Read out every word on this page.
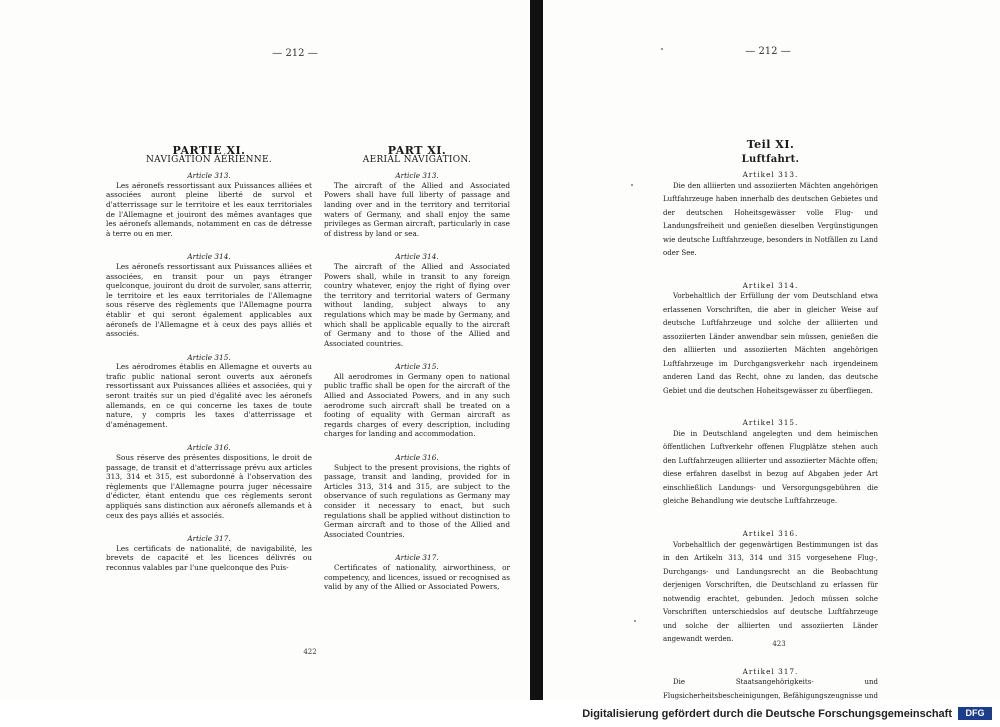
— 212 —
PARTIE XI.
NAVIGATION AÉRIENNE.
Article 313.

Les aéronefs ressortissant aux Puissances alliées et associées auront pleine liberté de survol et d'atterrissage sur le territoire et les eaux territoriales de l'Allemagne et jouiront des mêmes avantages que les aéronefs allemands, notamment en cas de détresse à terre ou en mer.

Article 314.

Les aéronefs ressortissant aux Puissances alliées et associées, en transit pour un pays étranger quelconque, jouiront du droit de survoler, sans atterrir, le territoire et les eaux territoriales de l'Allemagne sous réserve des règlements que l'Allemagne pourra établir et qui seront également applicables aux aéronefs de l'Allemagne et à ceux des pays alliés et associés.

Article 315.

Les aérodromes établis en Allemagne et ouverts au trafic public national seront ouverts aux aéronefs ressortissant aux Puissances alliées et associées, qui y seront traités sur un pied d'égalité avec les aéronefs allemands, en ce qui concerne les taxes de toute nature, y compris les taxes d'atterrissage et d'aménagement.

Article 316.

Sous réserve des présentes dispositions, le droit de passage, de transit et d'atterrissage prévu aux articles 313, 314 et 315, est subordonné à l'observation des règlements que l'Allemagne pourra juger nécessaire d'édicter, étant entendu que ces règlements seront appliqués sans distinction aux aéronefs allemands et à ceux des pays alliés et associés.

Article 317.

Les certificats de nationalité, de navigabilité, les brevets de capacité et les licences délivrés ou reconnus valables par l'une quelconque des Puis-

PART XI.
AERIAL NAVIGATION.
Article 313.

The aircraft of the Allied and Associated Powers shall have full liberty of passage and landing over and in the territory and territorial waters of Germany, and shall enjoy the same privileges as German aircraft, particularly in case of distress by land or sea.

Article 314.

The aircraft of the Allied and Associated Powers shall, while in transit to any foreign country whatever, enjoy the right of flying over the territory and territorial waters of Germany without landing, subject always to any regulations which may be made by Germany, and which shall be applicable equally to the aircraft of Germany and to those of the Allied and Associated countries.

Article 315.

All aerodromes in Germany open to national public traffic shall be open for the aircraft of the Allied and Associated Powers, and in any such aerodrome such aircraft shall be treated on a footing of equality with German aircraft as regards charges of every description, including charges for landing and accommodation.

Article 316.

Subject to the present provisions, the rights of passage, transit and landing, provided for in Articles 313, 314 and 315, are subject to the observance of such regulations as Germany may consider it necessary to enact, but such regulations shall be applied without distinction to German aircraft and to those of the Allied and Associated Countries.

Article 317.

Certificates of nationality, airworthiness, or competency, and licences, issued or recognised as valid by any of the Allied or Associated Powers,

422
— 212 —
Teil XI.
Luftfahrt.
Artikel 313.

Die den alliierten und assoziierten Mächten angehörigen Luftfahrzeuge haben innerhalb des deutschen Gebietes und der deutschen Hoheitsgewässer volle Flug- und Landungsfreiheit und genießen dieselben Vergünstigungen wie deutsche Luftfahrzeuge, besonders in Notfällen zu Land oder See.

Artikel 314.

Vorbehaltlich der Erfüllung der vom Deutschland etwa erlassenen Vorschriften, die aber in gleicher Weise auf deutsche Luftfahrzeuge und solche der alliierten und assoziierten Länder anwendbar sein müssen, genießen die den alliierten und assoziierten Mächten angehörigen Luftfahrzeuge im Durchgangsverkehr nach irgendeinem anderen Land das Recht, ohne zu landen, das deutsche Gebiet und die deutschen Hoheitsgewässer zu überfliegen.

Artikel 315.

Die in Deutschland angelegten und dem heimischen öffentlichen Luftverkehr offenen Flugplätze stehen auch den Luftfahrzeugen alliierter und assoziierter Mächte offen; diese erfahren daselbst in bezug auf Abgaben jeder Art einschließlich Landungs- und Versorgungsgebühren die gleiche Behandlung wie deutsche Luftfahrzeuge.

Artikel 316.

Vorbehaltlich der gegenwärtigen Bestimmungen ist das in den Artikeln 313, 314 und 315 vorgesehene Flug-, Durchgangs- und Landungsrecht an die Beobachtung derjenigen Vorschriften, die Deutschland zu erlassen für notwendig erachtet, gebunden. Jedoch müssen solche Vorschriften unterschiedslos auf deutsche Luftfahrzeuge und solche der alliierten und assoziierten Länder angewandt werden.

Artikel 317.

Die Staatsangehörigkeits- und Flugsicherheitsbescheinigungen, Befähigungszeugnisse und

423
Digitalisierung gefördert durch die Deutsche Forschungsgemeinschaft	DFG
